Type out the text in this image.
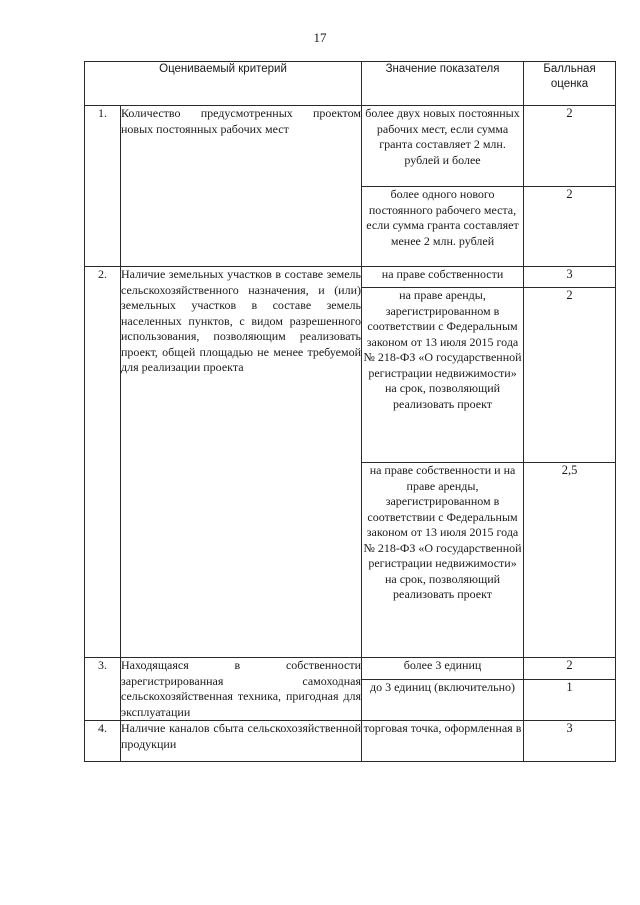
17
Оцениваемый критерий		Значение показателя	Балльная оценка
1.	Количество предусмотренных проектом новых постоянных рабочих мест	более двух новых постоянных рабочих мест, если сумма гранта составляет 2 млн. рублей и более	2
		более одного нового постоянного рабочего места, если сумма гранта составляет менее 2 млн. рублей	2
2.	Наличие земельных участков в составе земель сельскохозяйственного назначения, и (или) земельных участков в составе земель населенных пунктов, с видом разрешенного использования, позволяющим реализовать проект, общей площадью не менее требуемой для реализации проекта	на праве собственности	3
		на праве аренды, зарегистрированном в соответствии с Федеральным законом от 13 июля 2015 года № 218-ФЗ «О государственной регистрации недвижимости» на срок, позволяющий реализовать проект	2
		на праве собственности и на праве аренды, зарегистрированном в соответствии с Федеральным законом от 13 июля 2015 года № 218-ФЗ «О государственной регистрации недвижимости» на срок, позволяющий реализовать проект	2,5
3.	Находящаяся в собственности зарегистрированная самоходная сельскохозяйственная техника, пригодная для эксплуатации	более 3 единиц	2
		до 3 единиц (включительно)	1
4.	Наличие каналов сбыта сельскохозяйственной продукции	торговая точка, оформленная в	3
